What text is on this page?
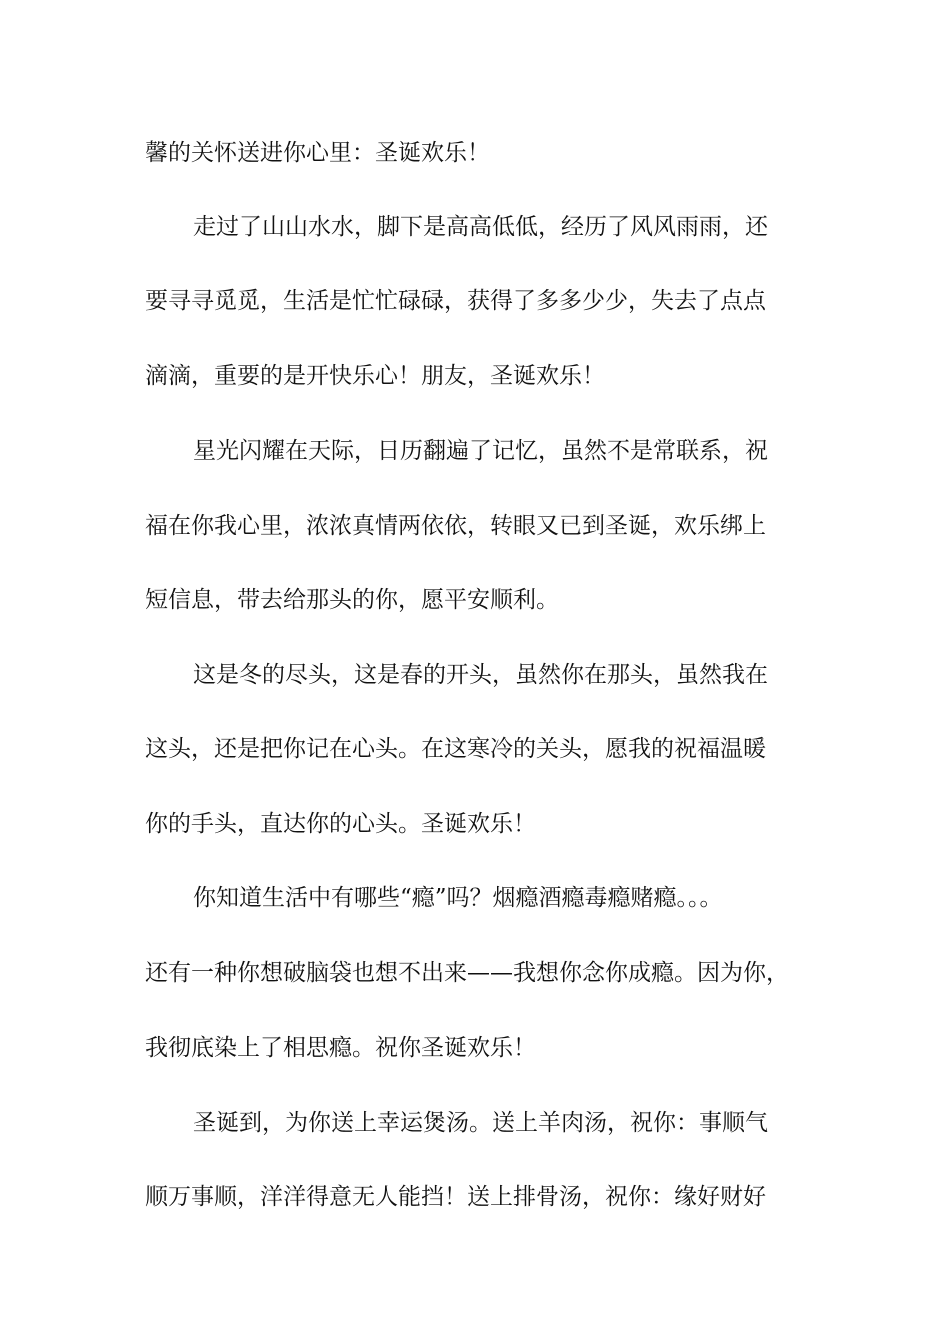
馨的关怀送进你心里：圣诞欢乐！
走过了山山水水，脚下是高高低低，经历了风风雨雨，还
要寻寻觅觅，生活是忙忙碌碌，获得了多多少少，失去了点点
滴滴，重要的是开快乐心！朋友，圣诞欢乐！
星光闪耀在天际，日历翻遍了记忆，虽然不是常联系，祝
福在你我心里，浓浓真情两依依，转眼又已到圣诞，欢乐绑上
短信息，带去给那头的你，愿平安顺利。
这是冬的尽头，这是春的开头，虽然你在那头，虽然我在
这头，还是把你记在心头。在这寒冷的关头，愿我的祝福温暖
你的手头，直达你的心头。圣诞欢乐！
你知道生活中有哪些“瘾”吗？烟瘾酒瘾毒瘾赌瘾。。。
还有一种你想破脑袋也想不出来——我想你念你成瘾。因为你，
我彻底染上了相思瘾。祝你圣诞欢乐！
圣诞到，为你送上幸运煲汤。送上羊肉汤，祝你：事顺气
顺万事顺，洋洋得意无人能挡！送上排骨汤，祝你：缘好财好
